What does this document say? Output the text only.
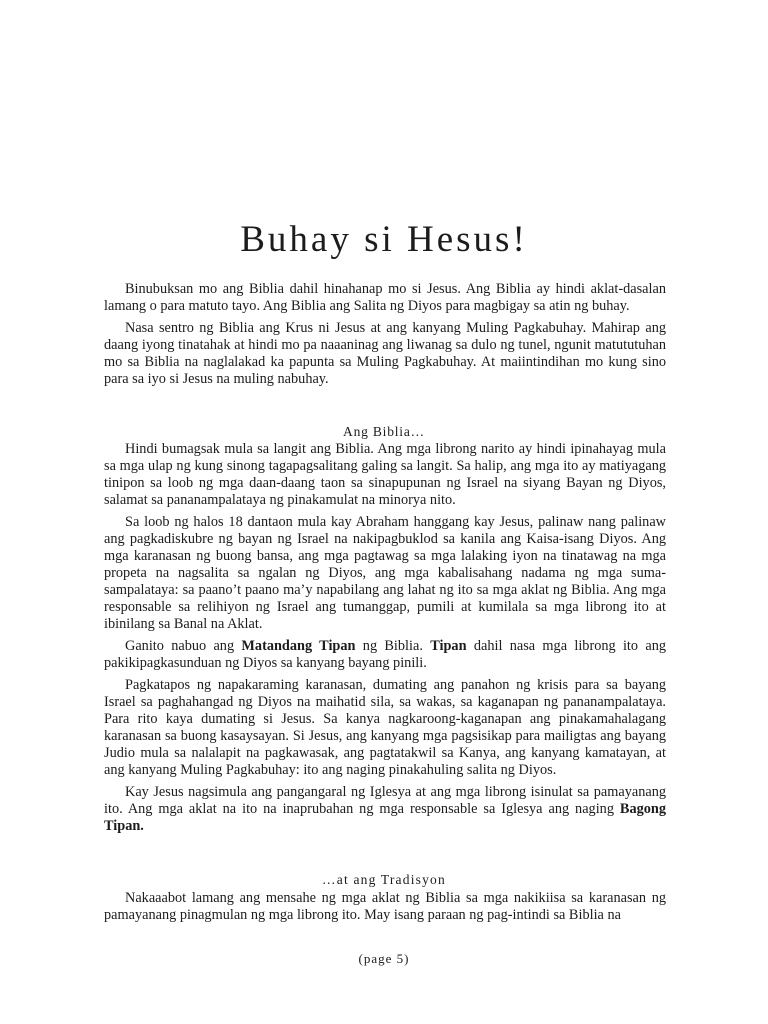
Buhay si Hesus!

Binubuksan mo ang Biblia dahil hinahanap mo si Jesus. Ang Biblia ay hindi aklat-dasalan lamang o para matuto tayo. Ang Biblia ang Salita ng Diyos para magbigay sa atin ng buhay.

Nasa sentro ng Biblia ang Krus ni Jesus at ang kanyang Muling Pagkabuhay. Mahirap ang daang iyong tinatahak at hindi mo pa naaaninag ang liwanag sa dulo ng tunel, ngunit matututuhan mo sa Biblia na naglalakad ka papunta sa Muling Pagkabuhay. At maiintindihan mo kung sino para sa iyo si Jesus na muling nabuhay.

Ang Biblia…

Hindi bumagsak mula sa langit ang Biblia. Ang mga librong narito ay hindi ipinahayag mula sa mga ulap ng kung sinong tagapagsalitang galing sa langit. Sa halip, ang mga ito ay matiyagang tinipon sa loob ng mga daan-daang taon sa sinapupunan ng Israel na siyang Bayan ng Diyos, salamat sa pananampalataya ng pinakamulat na minorya nito.

Sa loob ng halos 18 dantaon mula kay Abraham hanggang kay Jesus, palinaw nang palinaw ang pagkadiskubre ng bayan ng Israel na nakipagbuklod sa kanila ang Kaisa-isang Diyos. Ang mga karanasan ng buong bansa, ang mga pagtawag sa mga lalaking iyon na tinatawag na mga propeta na nagsalita sa ngalan ng Diyos, ang mga kabalisahang nadama ng mga suma-sampalataya: sa paano’t paano ma’y napabilang ang lahat ng ito sa mga aklat ng Biblia. Ang mga responsable sa relihiyon ng Israel ang tumanggap, pumili at kumilala sa mga librong ito at ibinilang sa Banal na Aklat.

Ganito nabuo ang Matandang Tipan ng Biblia. Tipan dahil nasa mga librong ito ang pakikipagkasunduan ng Diyos sa kanyang bayang pinili.

Pagkatapos ng napakaraming karanasan, dumating ang panahon ng krisis para sa bayang Israel sa paghahangad ng Diyos na maihatid sila, sa wakas, sa kaganapan ng pananampalataya. Para rito kaya dumating si Jesus. Sa kanya nagkaroong-kaganapan ang pinakamahalagang karanasan sa buong kasaysayan. Si Jesus, ang kanyang mga pagsisikap para mailigtas ang bayang Judio mula sa nalalapit na pagkawasak, ang pagtatakwil sa Kanya, ang kanyang kamatayan, at ang kanyang Muling Pagkabuhay: ito ang naging pinakahuling salita ng Diyos.

Kay Jesus nagsimula ang pangangaral ng Iglesya at ang mga librong isinulat sa pamayanang ito. Ang mga aklat na ito na inaprubahan ng mga responsable sa Iglesya ang naging Bagong Tipan.

…at ang Tradisyon

Nakaaabot lamang ang mensahe ng mga aklat ng Biblia sa mga nakikiisa sa karanasan ng pamayanang pinagmulan ng mga librong ito. May isang paraan ng pag-intindi sa Biblia na

(page 5)
